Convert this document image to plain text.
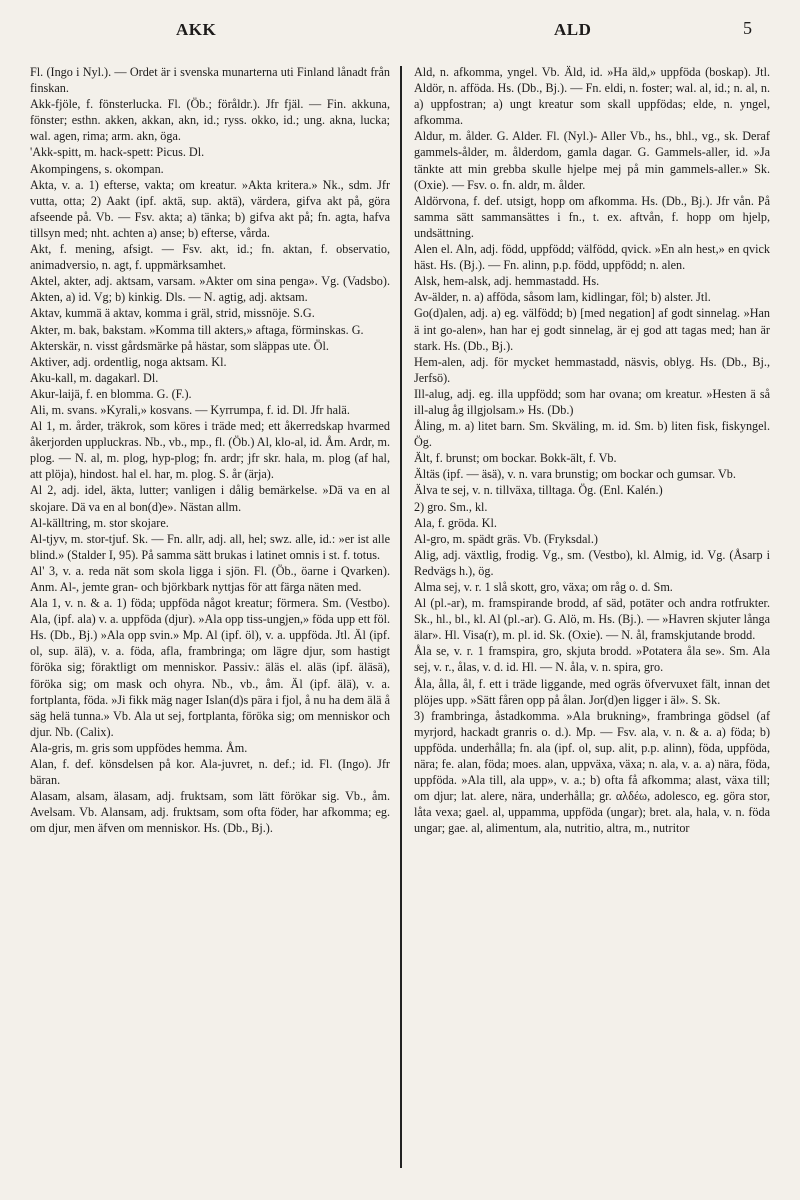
AKK	ALD	5

Fl. (Ingo i Nyl.). — Ordet är i svenska munarterna uti Finland lånadt från finskan.

Akk-fjöle, f. fönsterlucka. Fl. (Öb.; föråldr.). Jfr fjäl. — Fin. akkuna, fönster; esthn. akken, akkan, akn, id.; ryss. okko, id.; ung. akna, lucka; wal. agen, rima; arm. akn, öga.

'Akk-spitt, m. hack-spett: Picus. Dl.

Akompingens, s. okompan.

Akta, v. a. 1) efterse, vakta; om kreatur. »Akta kritera.» Nk., sdm. Jfr vutta, otta; 2) Aakt (ipf. aktä, sup. aktä), värdera, gifva akt på, göra afseende på. Vb. — Fsv. akta; a) tänka; b) gifva akt på; fn. agta, hafva tillsyn med; nht. achten a) anse; b) efterse, vårda.

Akt, f. mening, afsigt. — Fsv. akt, id.; fn. aktan, f. observatio, animadversio, n. agt, f. uppmärksamhet.

Aktel, akter, adj. aktsam, varsam. »Akter om sina penga». Vg. (Vadsbo). Akten, a) id. Vg; b) kinkig. Dls. — N. agtig, adj. aktsam.

Aktav, kummä ä aktav, komma i gräl, strid, missnöje. S.G.

Akter, m. bak, bakstam. »Komma till akters,» aftaga, förminskas. G.

Akterskär, n. visst gårdsmärke på hästar, som släppas ute. Öl.

Aktiver, adj. ordentlig, noga aktsam. Kl.

Aku-kall, m. dagakarl. Dl.

Akur-laijä, f. en blomma. G. (F.).

Ali, m. svans. »Kyrali,» kosvans. — Kyrrumpa, f. id. Dl. Jfr halä.

Al 1, m. årder, träkrok, som köres i träde med; ett åkerredskap hvarmed åkerjorden uppluckras. Nb., vb., mp., fl. (Öb.) Al, klo-al, id. Åm. Ardr, m. plog. — N. al, m. plog, hyp-plog; fn. ardr; jfr skr. hala, m. plog (af hal, att plöja), hindost. hal el. har, m. plog. S. år (ärja).

Al 2, adj. idel, äkta, lutter; vanligen i dålig bemärkelse. »Dä va en al skojare. Dä va en al bon(d)e». Nästan allm.

Al-källtring, m. stor skojare.

Al-tjyv, m. stor-tjuf. Sk. — Fn. allr, adj. all, hel; swz. alle, id.: »er ist alle blind.» (Stalder I, 95). På samma sätt brukas i latinet omnis i st. f. totus.

Al' 3, v. a. reda nät som skola ligga i sjön. Fl. (Öb., öarne i Qvarken). Anm. Al-, jemte gran- och björkbark nyttjas för att färga näten med.

Ala 1, v. n. & a. 1) föda; uppföda något kreatur; förmera. Sm. (Vestbo). Ala, (ipf. ala) v. a. uppföda (djur). »Ala opp tiss-ungjen,» föda upp ett föl. Hs. (Db., Bj.) »Ala opp svin.» Mp. Al (ipf. öl), v. a. uppföda. Jtl. Äl (ipf. ol, sup. älä), v. a. föda, afla, frambringa; om lägre djur, som hastigt föröka sig; föraktligt om menniskor. Passiv.: äläs el. aläs (ipf. äläsä), föröka sig; om mask och ohyra. Nb., vb., åm. Äl (ipf. älä), v. a. fortplanta, föda. »Ji fikk mäg nager Islan(d)s pära i fjol, å nu ha dem älä å säg helä tunna.» Vb. Ala ut sej, fortplanta, föröka sig; om menniskor och djur. Nb. (Calix).

Ala-gris, m. gris som uppfödes hemma. Åm.

Alan, f. def. könsdelsen på kor. Ala-juvret, n. def.; id. Fl. (Ingo). Jfr bäran.

Alasam, alsam, älasam, adj. fruktsam, som lätt förökar sig. Vb., åm. Avelsam. Vb. Alansam, adj. fruktsam, som ofta föder, har afkomma; eg. om djur, men äfven om menniskor. Hs. (Db., Bj.).

Ald, n. afkomma, yngel. Vb. Äld, id. »Ha äld,» uppföda (boskap). Jtl. Aldör, n. afföda. Hs. (Db., Bj.). — Fn. eldi, n. foster; wal. al, id.; n. al, n. a) uppfostran; a) ungt kreatur som skall uppfödas; elde, n. yngel, afkomma.

Aldur, m. ålder. G. Alder. Fl. (Nyl.)- Aller Vb., hs., bhl., vg., sk. Deraf gammels-ålder, m. ålderdom, gamla dagar. G. Gammels-aller, id. »Ja tänkte att min grebba skulle hjelpe mej på min gammels-aller.» Sk. (Oxie). — Fsv. o. fn. aldr, m. ålder.

Aldörvona, f. def. utsigt, hopp om afkomma. Hs. (Db., Bj.). Jfr vån. På samma sätt sammansättes i fn., t. ex. aftvån, f. hopp om hjelp, undsättning.

Alen el. Aln, adj. född, uppfödd; välfödd, qvick. »En aln hest,» en qvick häst. Hs. (Bj.). — Fn. alinn, p.p. född, uppfödd; n. alen.

Alsk, hem-alsk, adj. hemmastadd. Hs.

Av-älder, n. a) afföda, såsom lam, kidlingar, föl; b) alster. Jtl.

Go(d)alen, adj. a) eg. välfödd; b) [med negation] af godt sinnelag. »Han ä int go-alen», han har ej godt sinnelag, är ej god att tagas med; han är stark. Hs. (Db., Bj.).

Hem-alen, adj. för mycket hemmastadd, näsvis, oblyg. Hs. (Db., Bj., Jerfsö).

Ill-alug, adj. eg. illa uppfödd; som har ovana; om kreatur. »Hesten ä så ill-alug åg illgjolsam.» Hs. (Db.)

Åling, m. a) litet barn. Sm. Skväling, m. id. Sm. b) liten fisk, fiskyngel. Ög.

Ält, f. brunst; om bockar. Bokk-ält, f. Vb.

Ältäs (ipf. — äsä), v. n. vara brunstig; om bockar och gumsar. Vb.

Älva te sej, v. n. tillväxa, tilltaga. Ög. (Enl. Kalén.)

2) gro. Sm., kl.

Ala, f. gröda. Kl.

Al-gro, m. spädt gräs. Vb. (Fryksdal.)

Alig, adj. växtlig, frodig. Vg., sm. (Vestbo), kl. Almig, id. Vg. (Åsarp i Redvägs h.), ög.

Alma sej, v. r. 1 slå skott, gro, växa; om råg o. d. Sm.

Al (pl.-ar), m. framspirande brodd, af säd, potäter och andra rotfrukter. Sk., hl., bl., kl. Al (pl.-ar). G. Alö, m. Hs. (Bj.). — »Havren skjuter långa älar». Hl. Visa(r), m. pl. id. Sk. (Oxie). — N. ål, framskjutande brodd.

Åla se, v. r. 1 framspira, gro, skjuta brodd. »Potatera åla se». Sm. Ala sej, v. r., ålas, v. d. id. Hl. — N. åla, v. n. spira, gro.

Åla, ålla, ål, f. ett i träde liggande, med ogräs öfvervuxet fält, innan det plöjes upp. »Sätt fåren opp på ålan. Jor(d)en ligger i äl». S. Sk.

3) frambringa, åstadkomma. »Ala brukning», frambringa gödsel (af myrjord, hackadt granris o. d.). Mp. — Fsv. ala, v. n. & a. a) föda; b) uppföda. underhålla; fn. ala (ipf. ol, sup. alit, p.p. alinn), föda, uppföda, nära; fe. alan, föda; moes. alan, uppväxa, växa; n. ala, v. a. a) nära, föda, uppföda. »Ala till, ala upp», v. a.; b) ofta få afkomma; alast, växa till; om djur; lat. alere, nära, underhålla; gr. αλδέω, adolesco, eg. göra stor, låta vexa; gael. al, uppamma, uppföda (ungar); bret. ala, hala, v. n. föda ungar; gae. al, alimentum, ala, nutritio, altra, m., nutritor
